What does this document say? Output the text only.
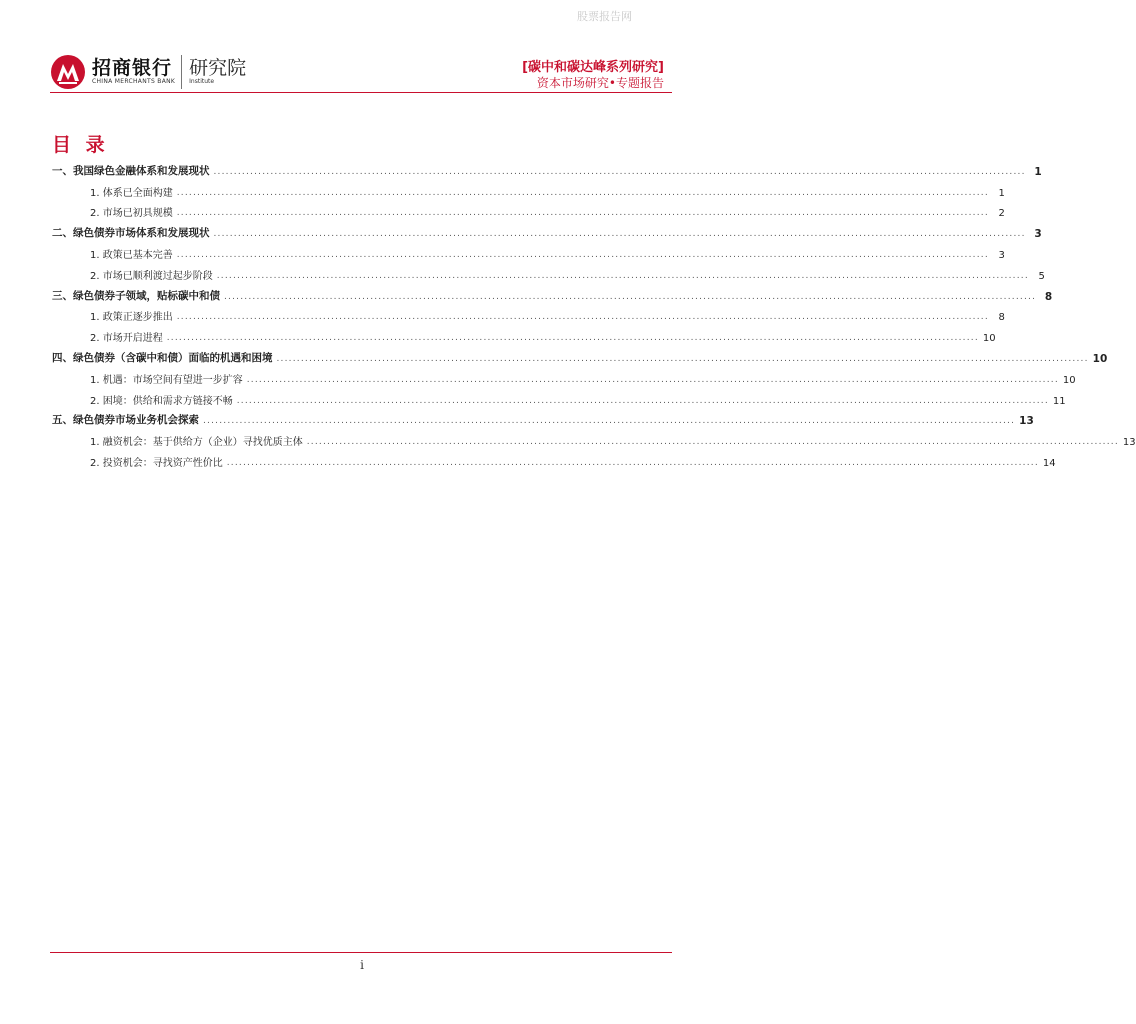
股票报告网
招商银行
CHINA MERCHANTS BANK
研究院
Institute
[碳中和碳达峰系列研究]
资本市场研究•专题报告
目 录
一、我国绿色金融体系和发展现状 ........................................................................................................................................................................................................ 1
1. 体系已全面构建 ........................................................................................................................................................................................................ 1
2. 市场已初具规模 ........................................................................................................................................................................................................ 2
二、绿色债券市场体系和发展现状 ........................................................................................................................................................................................................ 3
1. 政策已基本完善 ........................................................................................................................................................................................................ 3
2. 市场已顺利渡过起步阶段 ........................................................................................................................................................................................................ 5
三、绿色债券子领域，贴标碳中和债 ........................................................................................................................................................................................................ 8
1. 政策正逐步推出 ........................................................................................................................................................................................................ 8
2. 市场开启进程 ........................................................................................................................................................................................................ 10
四、绿色债券（含碳中和债）面临的机遇和困境 ........................................................................................................................................................................................................ 10
1. 机遇：市场空间有望进一步扩容 ........................................................................................................................................................................................................ 10
2. 困境：供给和需求方链接不畅 ........................................................................................................................................................................................................ 11
五、绿色债券市场业务机会探索 ........................................................................................................................................................................................................ 13
1. 融资机会：基于供给方（企业）寻找优质主体 ........................................................................................................................................................................................................ 13
2. 投资机会：寻找资产性价比 ........................................................................................................................................................................................................ 14
i
